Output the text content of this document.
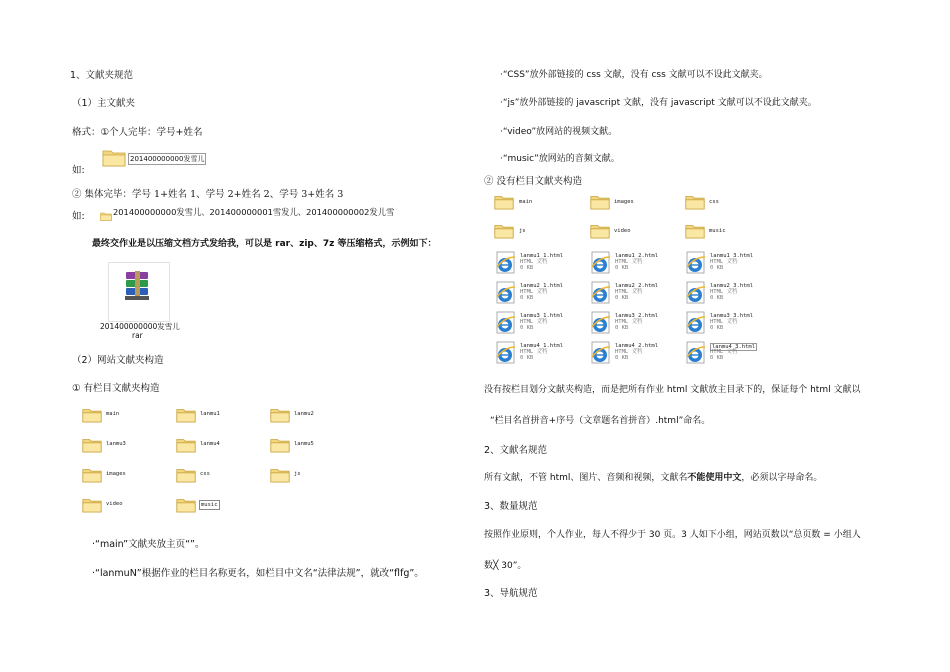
1、文献夹规范
（1）主文献夹
格式：①个人完毕：学号+姓名
如:
201400000000发雪儿
② 集体完毕：学号 1+姓名 1、学号 2+姓名 2、学号 3+姓名 3
如:	201400000000发雪儿、201400000001雪发儿、201400000002发儿雪
最终交作业是以压缩文档方式发给我，可以是 rar、zip、7z 等压缩格式，示例如下：
201400000000发雪儿
rar
（2）网站文献夹构造
① 有栏目文献夹构造
main	lanmu1	lanmu2
lanmu3	lanmu4	lanmu5
images	css	js
video	music
·“main”文献夹放主页“”。
·“lanmuN”根据作业的栏目名称更名，如栏目中文名“法律法规”，就改“flfg”。
·“CSS”放外部链接的 css 文献，没有 css 文献可以不设此文献夹。
·“js”放外部链接的 javascript 文献，没有 javascript 文献可以不设此文献夹。
·“video”放网站的视频文献。
·“music”放网站的音频文献。
② 没有栏目文献夹构造
main	images	css
js	video	music
lanmu1_1.html
HTML 文档
0 KB
lanmu1_2.html
HTML 文档
0 KB
lanmu1_3.html
HTML 文档
0 KB
lanmu2_1.html
HTML 文档
0 KB
lanmu2_2.html
HTML 文档
0 KB
lanmu2_3.html
HTML 文档
0 KB
lanmu3_1.html
HTML 文档
0 KB
lanmu3_2.html
HTML 文档
0 KB
lanmu3_3.html
HTML 文档
0 KB
lanmu4_1.html
HTML 文档
0 KB
lanmu4_2.html
HTML 文档
0 KB
lanmu4_3.html
HTML 文档
0 KB
没有按栏目划分文献夹构造，而是把所有作业 html 文献放主目录下的，保证每个 html 文献以
“栏目名首拼音+序号（文章题名首拼音）.html”命名。
2、文献名规范
所有文献，不管 html、图片、音频和视频，文献名不能使用中文，必须以字母命名。
3、数量规范
按照作业原则，个人作业，每人不得少于 30 页。3 人如下小组，网站页数以“总页数 = 小组人
数╳ 30”。
3、导航规范
